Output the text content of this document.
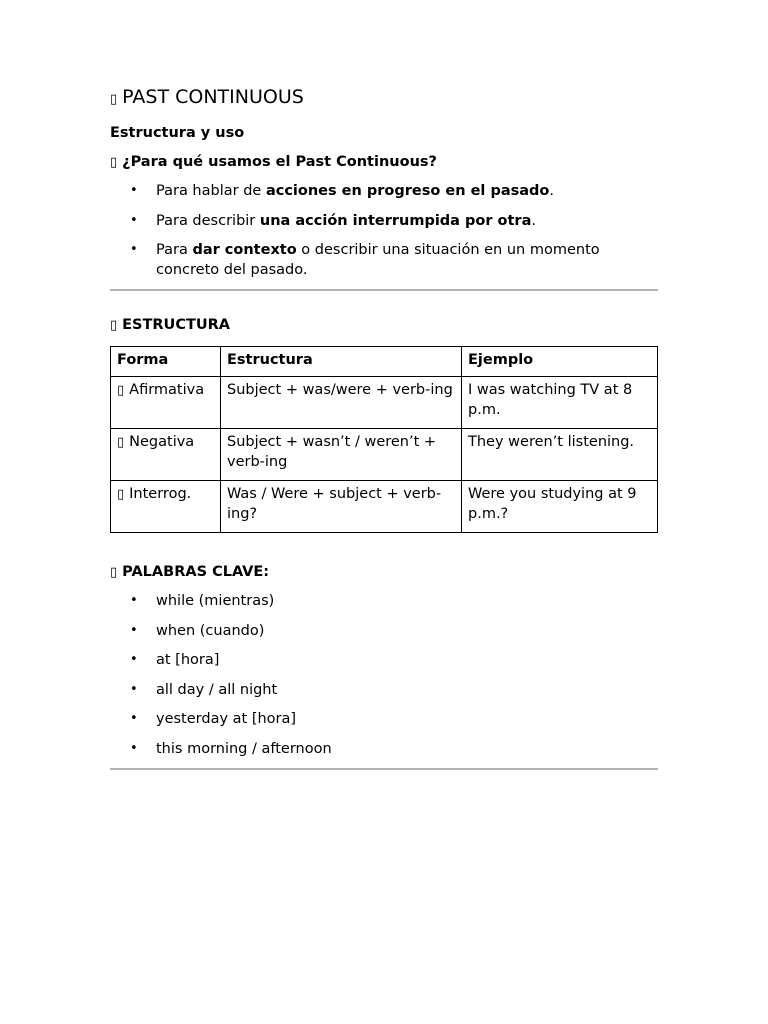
▯ PAST CONTINUOUS

Estructura y uso

▯ ¿Para qué usamos el Past Continuous?

• Para hablar de acciones en progreso en el pasado.
• Para describir una acción interrumpida por otra.
• Para dar contexto o describir una situación en un momento concreto del pasado.

▯ ESTRUCTURA

Forma	Estructura	Ejemplo
▯ Afirmativa	Subject + was/were + verb-ing	I was watching TV at 8 p.m.
▯ Negativa	Subject + wasn’t / weren’t + verb-ing	They weren’t listening.
▯ Interrog.	Was / Were + subject + verb-ing?	Were you studying at 9 p.m.?

▯ PALABRAS CLAVE:

• while (mientras)
• when (cuando)
• at [hora]
• all day / all night
• yesterday at [hora]
• this morning / afternoon
